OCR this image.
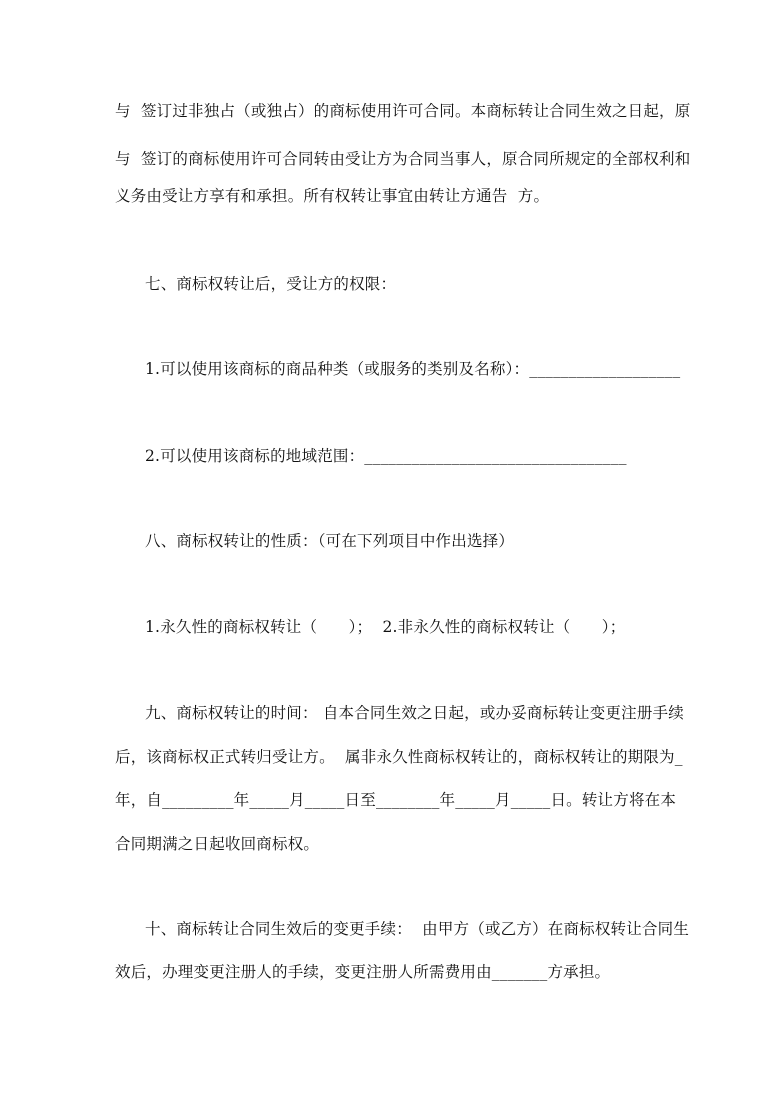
与  签订过非独占（或独占）的商标使用许可合同。本商标转让合同生效之日起，原
与  签订的商标使用许可合同转由受让方为合同当事人，原合同所规定的全部权利和
义务由受让方享有和承担。所有权转让事宜由转让方通告  方。
七、商标权转让后，受让方的权限：
1.可以使用该商标的商品种类（或服务的类别及名称）：___________________
2.可以使用该商标的地域范围：_________________________________
八、商标权转让的性质：（可在下列项目中作出选择）
1.永久性的商标权转让（　　）；  2.非永久性的商标权转让（　　）；
九、商标权转让的时间： 自本合同生效之日起，或办妥商标转让变更注册手续
后，该商标权正式转归受让方。  属非永久性商标权转让的，商标权转让的期限为_
年，自_________年_____月_____日至________年_____月_____日。转让方将在本
合同期满之日起收回商标权。
十、商标转让合同生效后的变更手续：  由甲方（或乙方）在商标权转让合同生
效后，办理变更注册人的手续，变更注册人所需费用由_______方承担。
